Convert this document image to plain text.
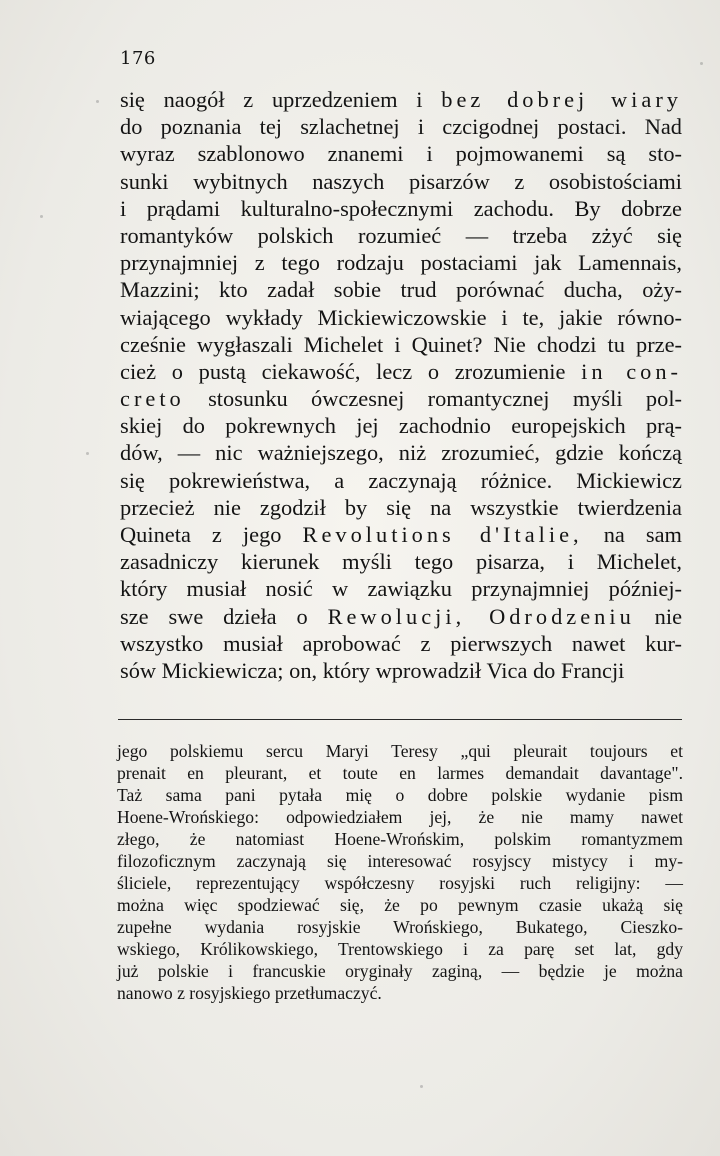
176
się naogół z uprzedzeniem i bez dobrej wiary
do poznania tej szlachetnej i czcigodnej postaci. Nad
wyraz szablonowo znanemi i pojmowanemi są sto-
sunki wybitnych naszych pisarzów z osobistościami
i prądami kulturalno-społecznymi zachodu. By dobrze
romantyków polskich rozumieć — trzeba zżyć się
przynajmniej z tego rodzaju postaciami jak Lamennais,
Mazzini; kto zadał sobie trud porównać ducha, oży-
wiającego wykłady Mickiewiczowskie i te, jakie równo-
cześnie wygłaszali Michelet i Quinet? Nie chodzi tu prze-
cież o pustą ciekawość, lecz o zrozumienie in con-
creto stosunku ówczesnej romantycznej myśli pol-
skiej do pokrewnych jej zachodnio europejskich prą-
dów, — nic ważniejszego, niż zrozumieć, gdzie kończą
się pokrewieństwa, a zaczynają różnice. Mickiewicz
przecież nie zgodził by się na wszystkie twierdzenia
Quineta z jego Revolutions d'Italie, na sam
zasadniczy kierunek myśli tego pisarza, i Michelet,
który musiał nosić w zawiązku przynajmniej później-
sze swe dzieła o Rewolucji, Odrodzeniu nie
wszystko musiał aprobować z pierwszych nawet kur-
sów Mickiewicza; on, który wprowadził Vica do Francji
jego polskiemu sercu Maryi Teresy „qui pleurait toujours et
prenait en pleurant, et toute en larmes demandait davantage".
Taż sama pani pytała mię o dobre polskie wydanie pism
Hoene-Wrońskiego: odpowiedziałem jej, że nie mamy nawet
złego, że natomiast Hoene-Wrońskim, polskim romantyzmem
filozoficznym zaczynają się interesować rosyjscy mistycy i my-
śliciele, reprezentujący współczesny rosyjski ruch religijny: —
można więc spodziewać się, że po pewnym czasie ukażą się
zupełne wydania rosyjskie Wrońskiego, Bukatego, Cieszko-
wskiego, Królikowskiego, Trentowskiego i za parę set lat, gdy
już polskie i francuskie oryginały zaginą, — będzie je można
nanowo z rosyjskiego przetłumaczyć.
